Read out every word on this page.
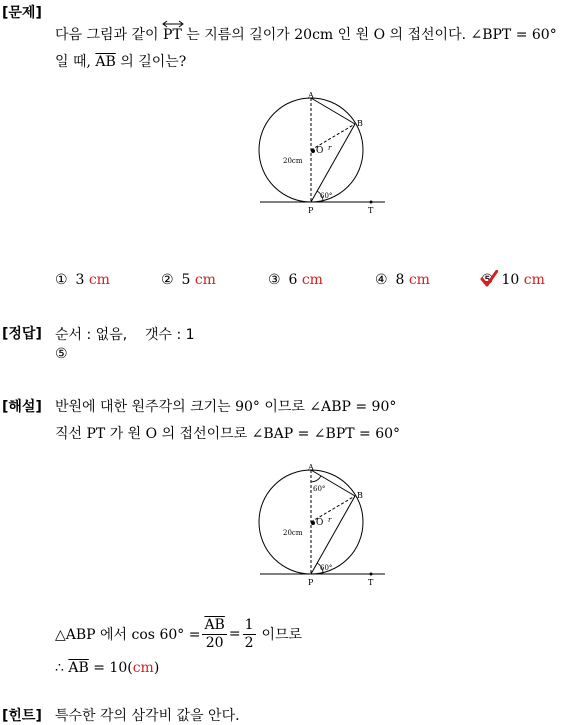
[문제]
다음 그림과 같이 PT 는 지름의 길이가 20cm 인 원 O 의 접선이다. ∠BPT = 60°
일 때, $\overline{AB}$ 의 길이는?
A
B
O r
20cm
60°
P	T
① 3 cm	② 5 cm	③ 6 cm	④ 8 cm	⑤ 10 cm
[정답] 순서 : 없음,    갯수 : 1
⑤
[해설] 반원에 대한 원주각의 크기는 90° 이므로 ∠ABP = 90°
직선 PT 가 원 O 의 접선이므로 ∠BAP = ∠BPT = 60°
A
B
O r
20cm
60°
60°
P	T
△ABP 에서 $\cos 60^\circ = \frac{\overline{AB}}{20} = \frac{1}{2}$ 이므로
∴ $\overline{AB} = 10(cm)$
[힌트] 특수한 각의 삼각비 값을 안다.
